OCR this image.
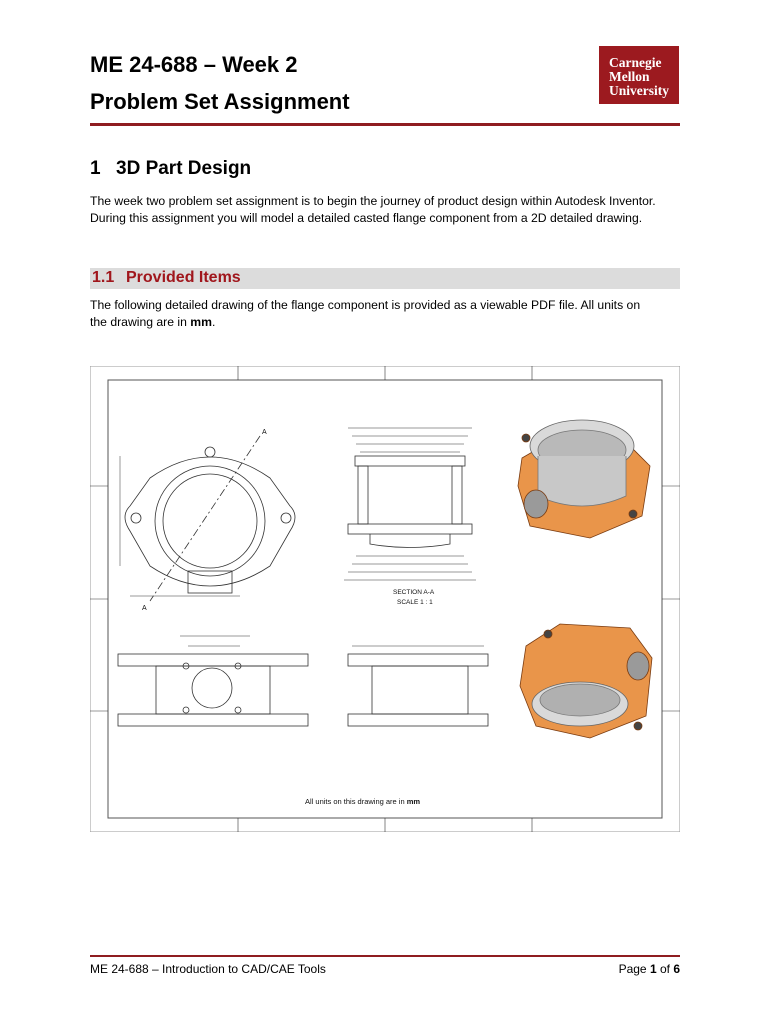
ME 24-688 – Week 2
Problem Set Assignment
Carnegie
Mellon
University
1 3D Part Design
The week two problem set assignment is to begin the journey of product design within Autodesk Inventor.
During this assignment you will model a detailed casted flange component from a 2D detailed drawing.
1.1 Provided Items
The following detailed drawing of the flange component is provided as a viewable PDF file. All units on
the drawing are in mm.
A
A
SECTION A-A
SCALE 1 : 1
All units on this drawing are in mm
ME 24-688 – Introduction to CAD/CAE Tools	Page 1 of 6
